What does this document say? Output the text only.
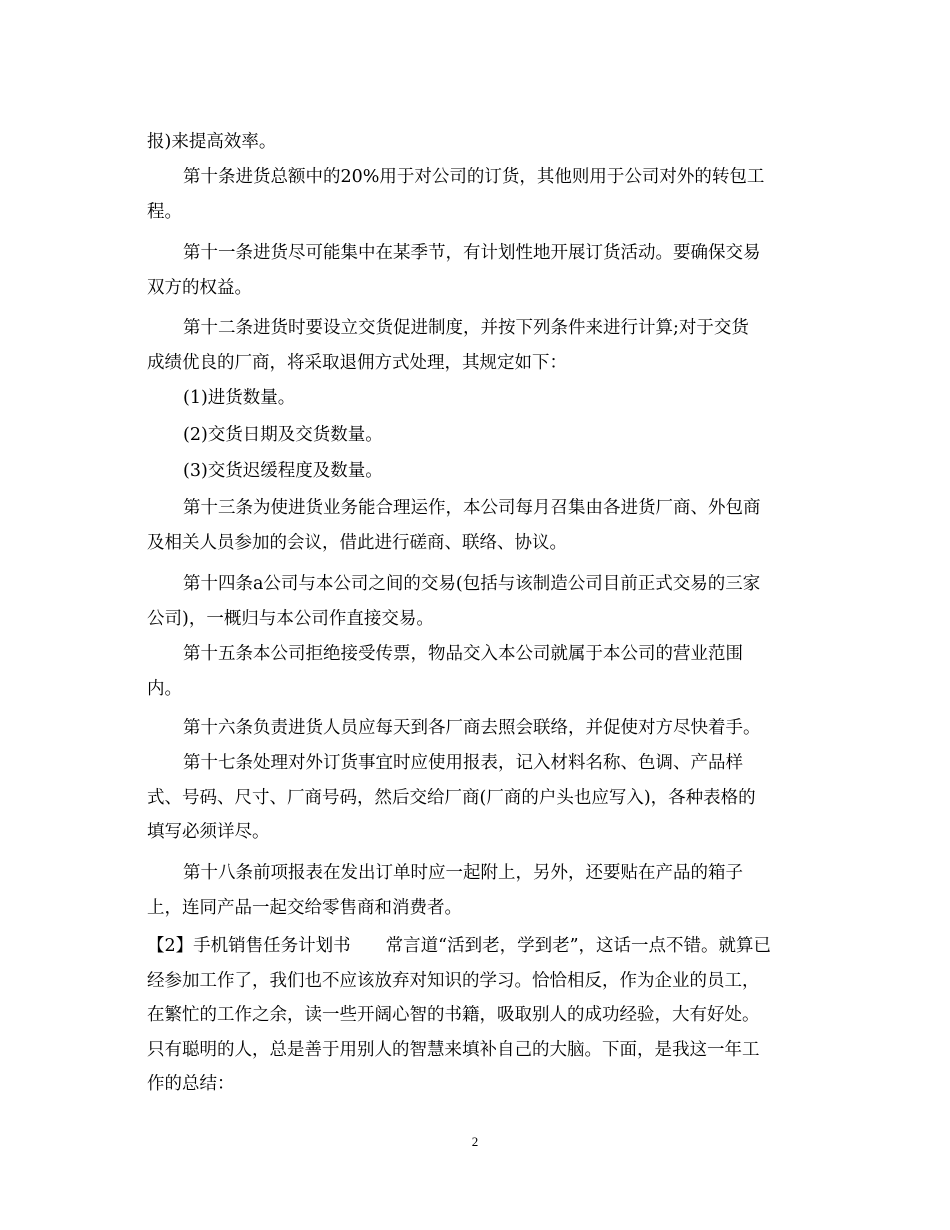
报)来提高效率。

第十条进货总额中的20%用于对公司的订货，其他则用于公司对外的转包工
程。

第十一条进货尽可能集中在某季节，有计划性地开展订货活动。要确保交易
双方的权益。

第十二条进货时要设立交货促进制度，并按下列条件来进行计算;对于交货
成绩优良的厂商，将采取退佣方式处理，其规定如下：

(1)进货数量。

(2)交货日期及交货数量。

(3)交货迟缓程度及数量。

第十三条为使进货业务能合理运作，本公司每月召集由各进货厂商、外包商
及相关人员参加的会议，借此进行磋商、联络、协议。

第十四条a公司与本公司之间的交易(包括与该制造公司目前正式交易的三家
公司)，一概归与本公司作直接交易。

第十五条本公司拒绝接受传票，物品交入本公司就属于本公司的营业范围
内。

第十六条负责进货人员应每天到各厂商去照会联络，并促使对方尽快着手。

第十七条处理对外订货事宜时应使用报表，记入材料名称、色调、产品样
式、号码、尺寸、厂商号码，然后交给厂商(厂商的户头也应写入)，各种表格的
填写必须详尽。

第十八条前项报表在发出订单时应一起附上，另外，还要贴在产品的箱子
上，连同产品一起交给零售商和消费者。

【2】手机销售任务计划书　　常言道“活到老，学到老”，这话一点不错。就算已
经参加工作了，我们也不应该放弃对知识的学习。恰恰相反，作为企业的员工，
在繁忙的工作之余，读一些开阔心智的书籍，吸取别人的成功经验，大有好处。
只有聪明的人，总是善于用别人的智慧来填补自己的大脑。下面，是我这一年工
作的总结：

2
